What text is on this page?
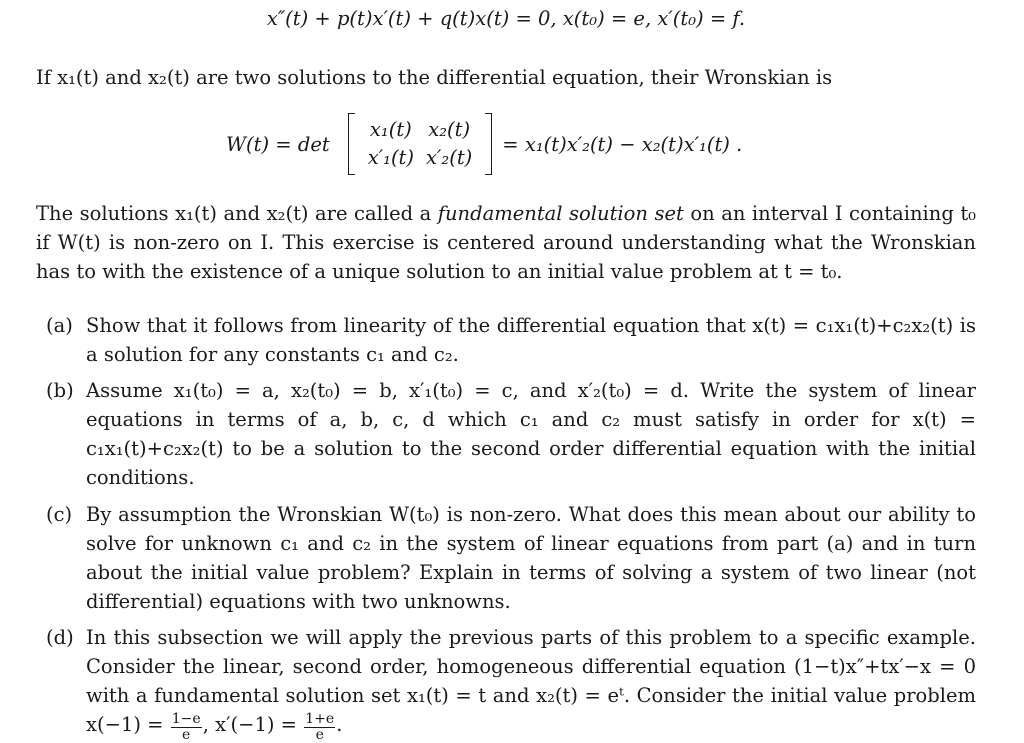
x″(t) + p(t)x′(t) + q(t)x(t) = 0, x(t₀) = e, x′(t₀) = f.
If x₁(t) and x₂(t) are two solutions to the differential equation, their Wronskian is
W(t) = det
x₁(t)	x₂(t)
x′₁(t)	x′₂(t)
= x₁(t)x′₂(t) − x₂(t)x′₁(t) .
The solutions x₁(t) and x₂(t) are called a fundamental solution set on an interval I containing t₀ if W(t) is non-zero on I. This exercise is centered around understanding what the Wronskian has to with the existence of a unique solution to an initial value problem at t = t₀.
(a) Show that it follows from linearity of the differential equation that x(t) = c₁x₁(t)+c₂x₂(t) is a solution for any constants c₁ and c₂.
(b) Assume x₁(t₀) = a, x₂(t₀) = b, x′₁(t₀) = c, and x′₂(t₀) = d. Write the system of linear equations in terms of a, b, c, d which c₁ and c₂ must satisfy in order for x(t) = c₁x₁(t)+c₂x₂(t) to be a solution to the second order differential equation with the initial conditions.
(c) By assumption the Wronskian W(t₀) is non-zero. What does this mean about our ability to solve for unknown c₁ and c₂ in the system of linear equations from part (a) and in turn about the initial value problem? Explain in terms of solving a system of two linear (not differential) equations with two unknowns.
(d) In this subsection we will apply the previous parts of this problem to a specific example. Consider the linear, second order, homogeneous differential equation (1−t)x″+tx′−x = 0 with a fundamental solution set x₁(t) = t and x₂(t) = eᵗ. Consider the initial value problem $x(-1) = \frac{1-e}{e}$ , $x'(-1) = \frac{1+e}{e}$ .
